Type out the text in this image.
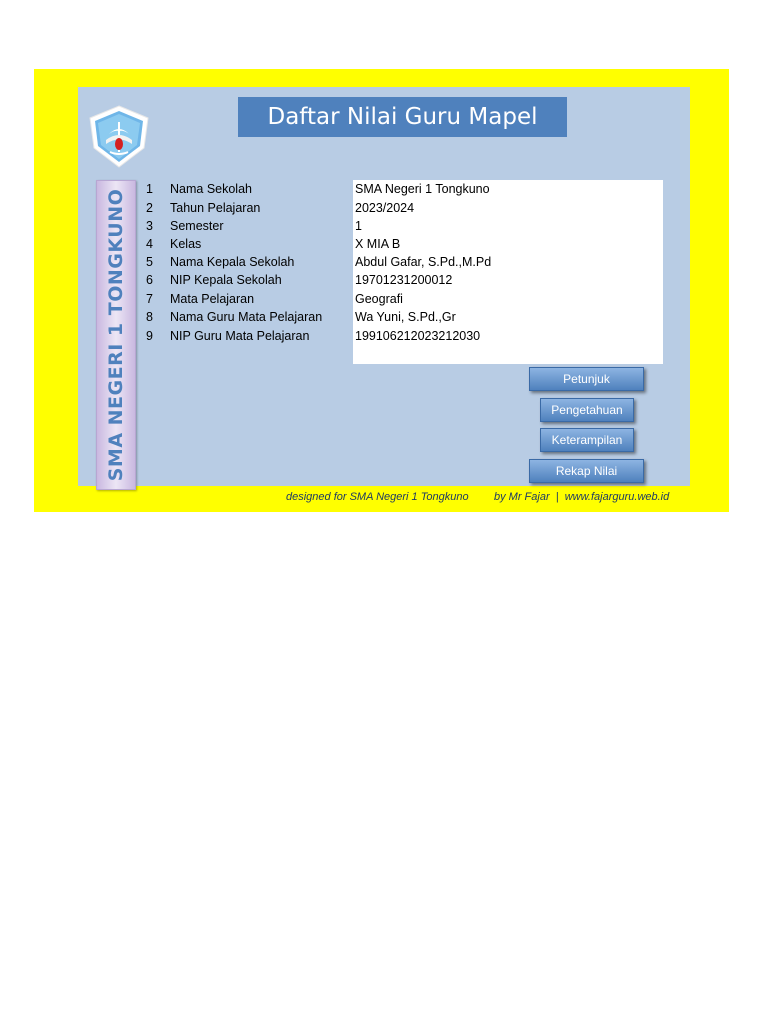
SMA NEGERI 1 TONGKUNO
Daftar Nilai Guru Mapel
1 Nama Sekolah	SMA Negeri 1 Tongkuno
2 Tahun Pelajaran	2023/2024
3 Semester	1
4 Kelas	X MIA B
5 Nama Kepala Sekolah	Abdul Gafar, S.Pd.,M.Pd
6 NIP Kepala Sekolah	19701231200012
7 Mata Pelajaran	Geografi
8 Nama Guru Mata Pelajaran	Wa Yuni, S.Pd.,Gr
9 NIP Guru Mata Pelajaran	199106212023212030
Petunjuk
Pengetahuan
Keterampilan
Rekap Nilai
designed for SMA Negeri 1 Tongkuno by Mr Fajar  |  www.fajarguru.web.id
